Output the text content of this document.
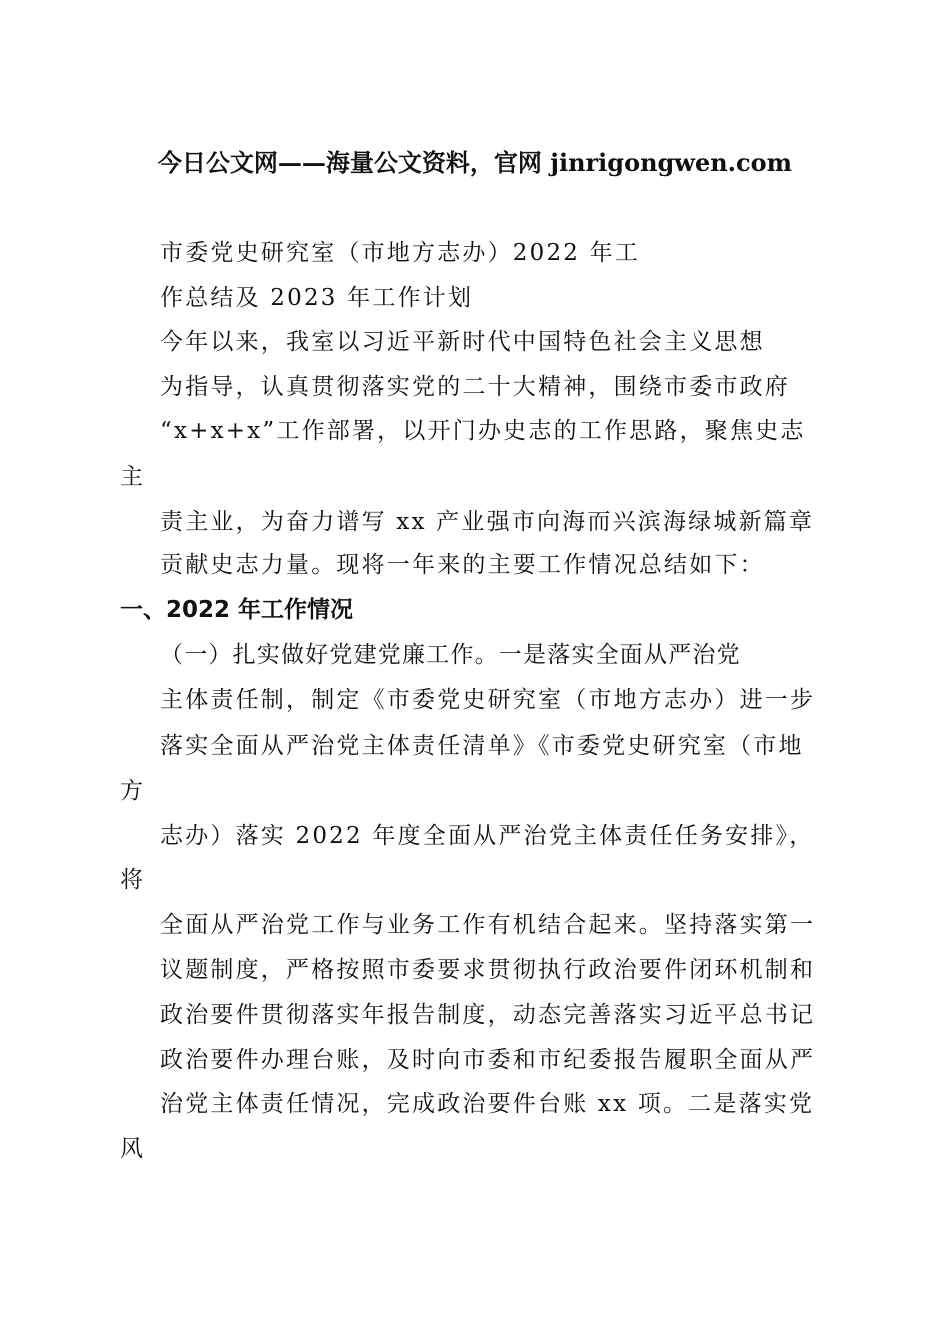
今日公文网——海量公文资料，官网 jinrigongwen.com
市委党史研究室（市地方志办）2022 年工
作总结及 2023 年工作计划
今年以来，我室以习近平新时代中国特色社会主义思想
为指导，认真贯彻落实党的二十大精神，围绕市委市政府
“x+x+x”工作部署，以开门办史志的工作思路，聚焦史志
主
责主业，为奋力谱写 xx 产业强市向海而兴滨海绿城新篇章
贡献史志力量。现将一年来的主要工作情况总结如下：
一、2022 年工作情况
（一）扎实做好党建党廉工作。一是落实全面从严治党
主体责任制，制定《市委党史研究室（市地方志办）进一步
落实全面从严治党主体责任清单》《市委党史研究室（市地
方
志办）落实 2022 年度全面从严治党主体责任任务安排》，
将
全面从严治党工作与业务工作有机结合起来。坚持落实第一
议题制度，严格按照市委要求贯彻执行政治要件闭环机制和
政治要件贯彻落实年报告制度，动态完善落实习近平总书记
政治要件办理台账，及时向市委和市纪委报告履职全面从严
治党主体责任情况，完成政治要件台账 xx 项。二是落实党
风
